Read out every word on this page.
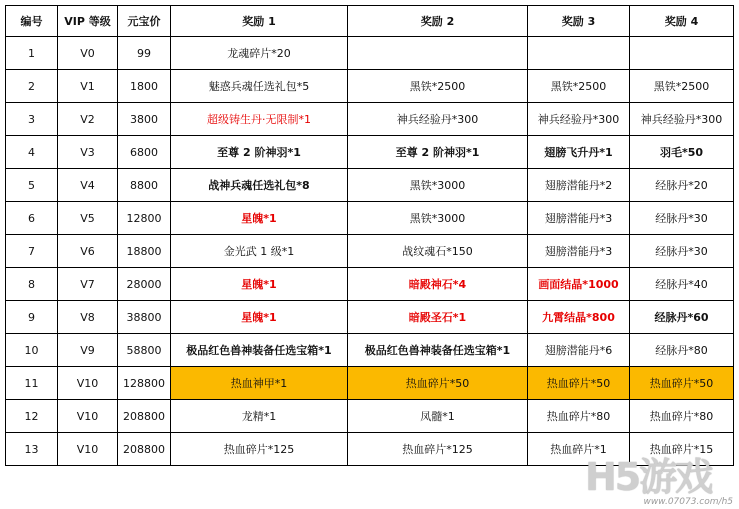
编号	VIP 等级	元宝价	奖励 1	奖励 2	奖励 3	奖励 4
1	V0	99	龙魂碎片*20			
2	V1	1800	魅惑兵魂任选礼包*5	黑铁*2500	黑铁*2500	黑铁*2500
3	V2	3800	超级铸生丹·无限制*1	神兵经验丹*300	神兵经验丹*300	神兵经验丹*300
4	V3	6800	至尊 2 阶神羽*1	至尊 2 阶神羽*1	翅膀飞升丹*1	羽毛*50
5	V4	8800	战神兵魂任选礼包*8	黑铁*3000	翅膀潜能丹*2	经脉丹*20
6	V5	12800	星魄*1	黑铁*3000	翅膀潜能丹*3	经脉丹*30
7	V6	18800	金光武 1 级*1	战纹魂石*150	翅膀潜能丹*3	经脉丹*30
8	V7	28000	星魄*1	暗殿神石*4	画面结晶*1000	经脉丹*40
9	V8	38800	星魄*1	暗殿圣石*1	九霄结晶*800	经脉丹*60
10	V9	58800	极品红色兽神装备任选宝箱*1	极品红色兽神装备任选宝箱*1	翅膀潜能丹*6	经脉丹*80
11	V10	128800	热血神甲*1	热血碎片*50	热血碎片*50	热血碎片*50
12	V10	208800	龙精*1	凤髓*1	热血碎片*80	热血碎片*80
13	V10	208800	热血碎片*125	热血碎片*125	热血碎片*1	热血碎片*15
H5游戏
www.07073.com/h5
